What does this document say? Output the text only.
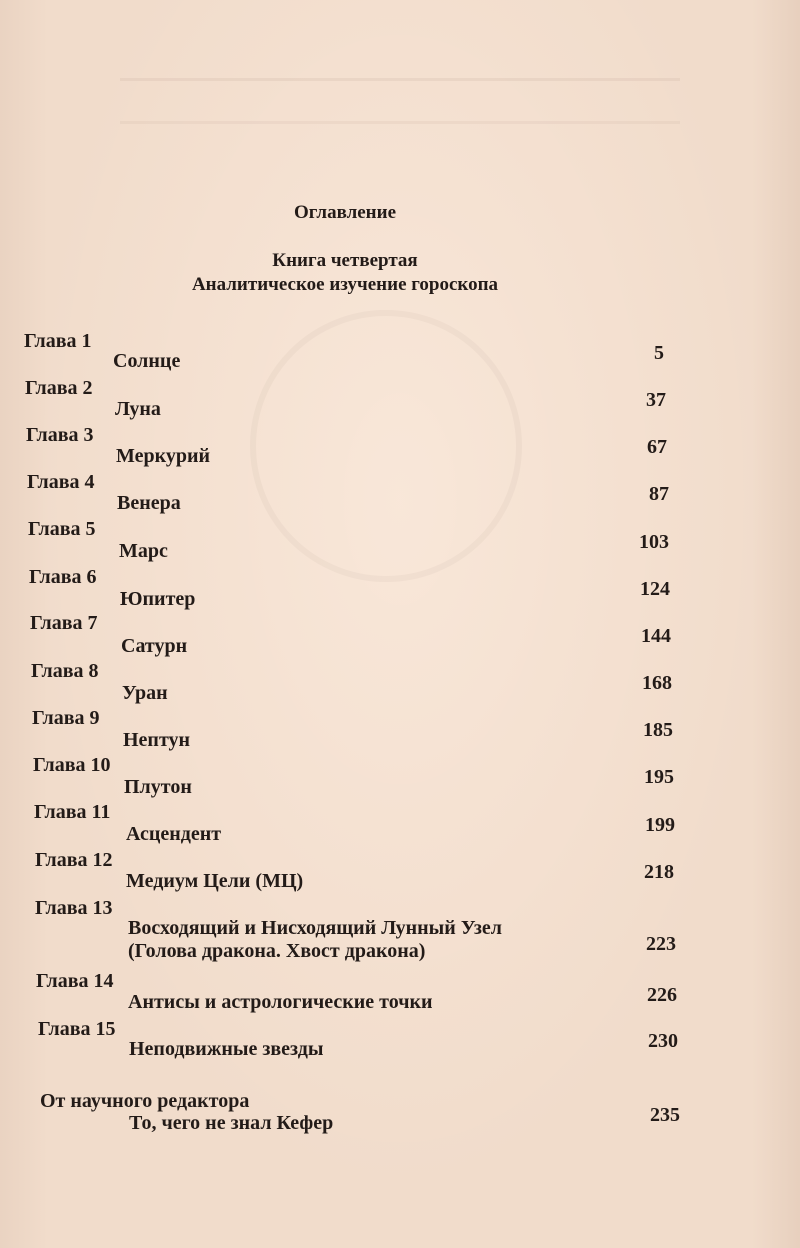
Оглавление
Книга четвертая
Аналитическое изучение гороскопа
Глава 1
Солнце	5
Глава 2
Луна	37
Глава 3
Меркурий	67
Глава 4
Венера	87
Глава 5
Марс	103
Глава 6
Юпитер	124
Глава 7
Сатурн	144
Глава 8
Уран	168
Глава 9
Нептун	185
Глава 10
Плутон	195
Глава 11
Асцендент	199
Глава 12
Медиум Цели (МЦ)	218
Глава 13
Восходящий и Нисходящий Лунный Узел
(Голова дракона. Хвост дракона)	223
Глава 14
Антисы и астрологические точки	226
Глава 15
Неподвижные звезды	230
От научного редактора
То, чего не знал Кефер	235
